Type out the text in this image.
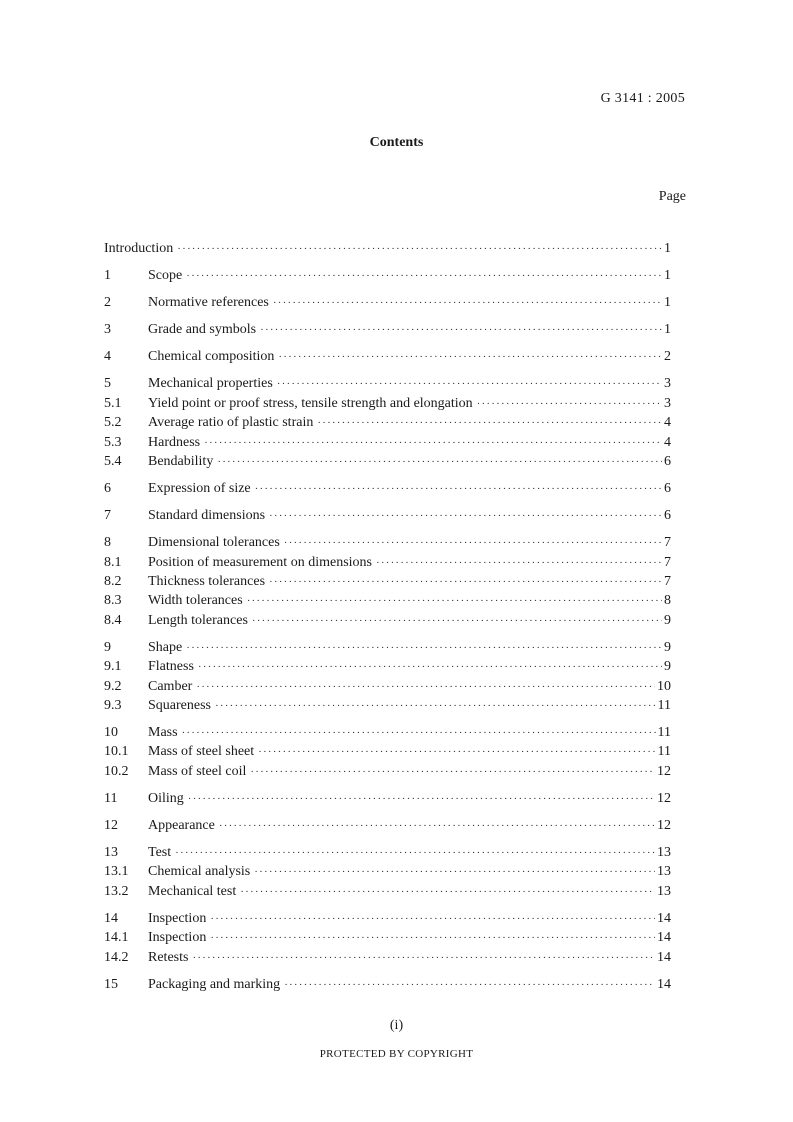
G 3141 : 2005
Contents
Page
Introduction ·····	1
1	Scope ·····	1
2	Normative references ·····	1
3	Grade and symbols ·····	1
4	Chemical composition ·····	2
5	Mechanical properties ·····	3
5.1	Yield point or proof stress, tensile strength and elongation ·····	3
5.2	Average ratio of plastic strain ·····	4
5.3	Hardness ·····	4
5.4	Bendability ·····	6
6	Expression of size ·····	6
7	Standard dimensions ·····	6
8	Dimensional tolerances ·····	7
8.1	Position of measurement on dimensions ·····	7
8.2	Thickness tolerances ·····	7
8.3	Width tolerances ·····	8
8.4	Length tolerances ·····	9
9	Shape ·····	9
9.1	Flatness ·····	9
9.2	Camber ·····	10
9.3	Squareness ·····	11
10	Mass ·····	11
10.1	Mass of steel sheet ·····	11
10.2	Mass of steel coil ·····	12
11	Oiling ·····	12
12	Appearance ·····	12
13	Test ·····	13
13.1	Chemical analysis ·····	13
13.2	Mechanical test ·····	13
14	Inspection ·····	14
14.1	Inspection ·····	14
14.2	Retests ·····	14
15	Packaging and marking ·····	14
(i)
PROTECTED BY COPYRIGHT
